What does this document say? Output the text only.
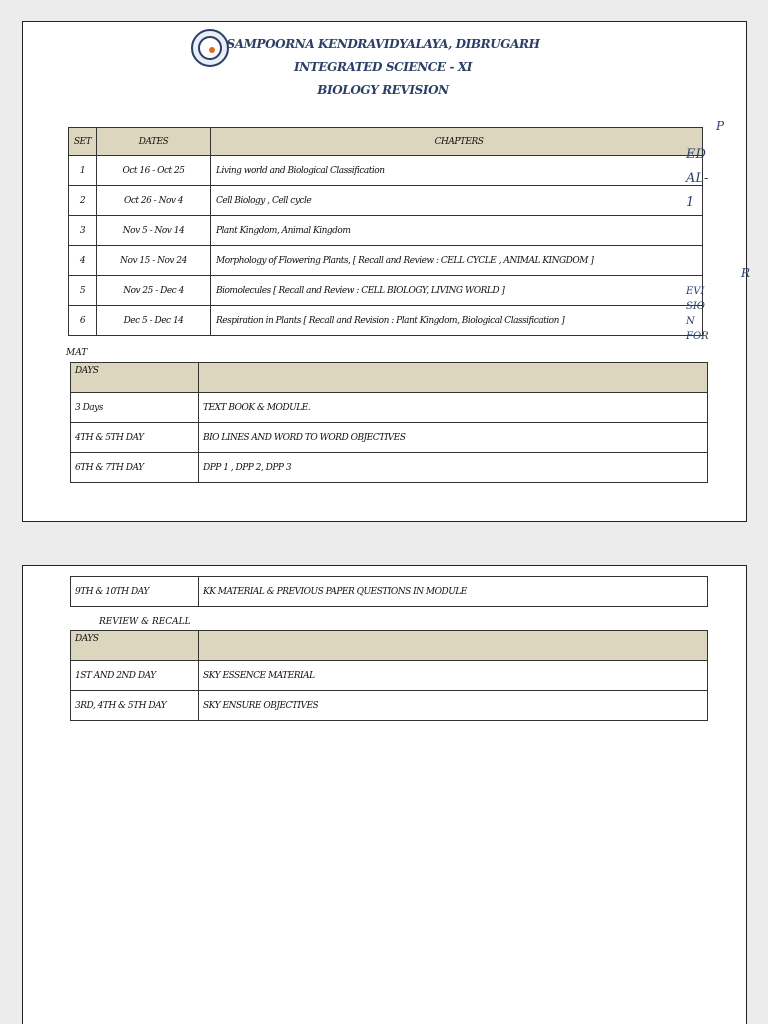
SAMPOORNA KENDRAVIDYALAYA, DIBRUGARH
INTEGRATED SCIENCE - XI
BIOLOGY REVISION
SET	DATES	CHAPTERS
1	Oct 16 - Oct 25	Living world and Biological Classification
2	Oct 26 - Nov 4	Cell Biology , Cell cycle
3	Nov 5 - Nov 14	Plant Kingdom, Animal Kingdom
4	Nov 15 - Nov 24	Morphology of Flowering Plants, [ Recall and Review : CELL CYCLE , ANIMAL KINGDOM ]
5	Nov 25 - Dec 4	Biomolecules [ Recall and Review : CELL BIOLOGY, LIVING WORLD ]
6	Dec 5 - Dec 14	Respiration in Plants [ Recall and Revision : Plant Kingdom, Biological Classification ]
MAT
DAYS	
3 Days	TEXT BOOK & MODULE.
4TH & 5TH DAY	BIO LINES AND WORD TO WORD OBJECTIVES
6TH & 7TH DAY	DPP 1 , DPP 2, DPP 3
P
ED AL- 1
R
EVI SIO N FOR
9TH & 10TH DAY	KK MATERIAL & PREVIOUS PAPER QUESTIONS IN MODULE
REVIEW & RECALL
DAYS	
1ST AND 2ND DAY	SKY ESSENCE MATERIAL
3RD, 4TH & 5TH DAY	SKY ENSURE OBJECTIVES
